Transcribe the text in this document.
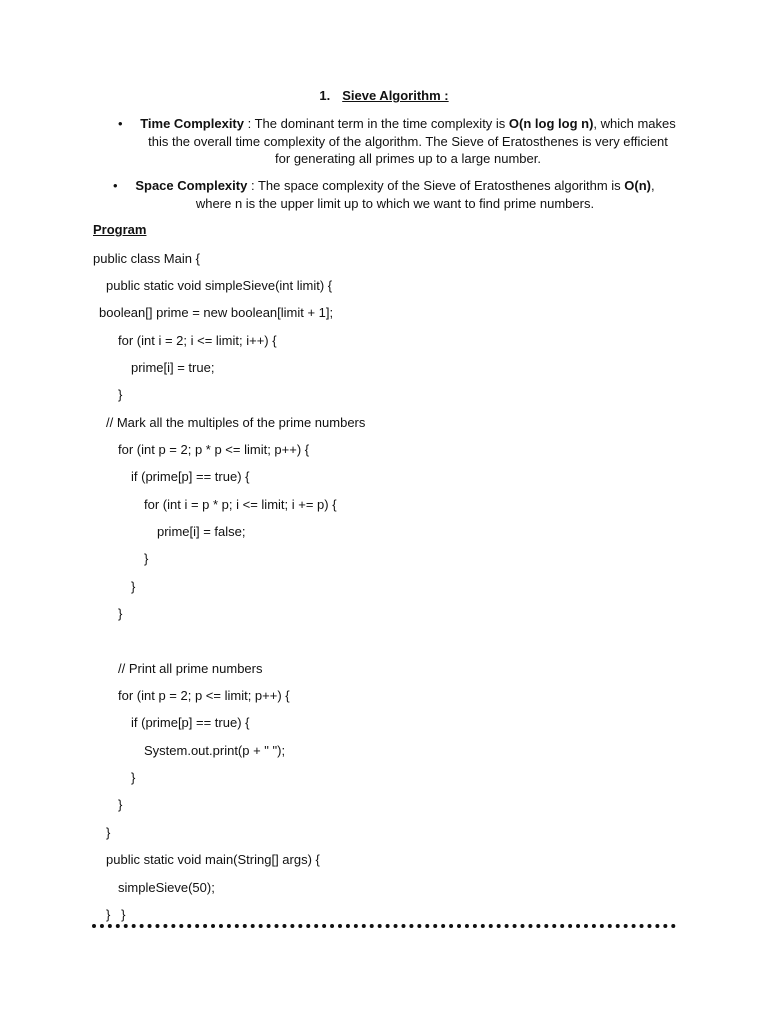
1. Sieve Algorithm :
• Time Complexity : The dominant term in the time complexity is O(n log log n), which makes this the overall time complexity of the algorithm. The Sieve of Eratosthenes is very efficient for generating all primes up to a large number.
• Space Complexity : The space complexity of the Sieve of Eratosthenes algorithm is O(n), where n is the upper limit up to which we want to find prime numbers.
Program
public class Main {
public static void simpleSieve(int limit) {
boolean[] prime = new boolean[limit + 1];
for (int i = 2; i <= limit; i++) {
prime[i] = true;
}
// Mark all the multiples of the prime numbers
for (int p = 2; p * p <= limit; p++) {
if (prime[p] == true) {
for (int i = p * p; i <= limit; i += p) {
prime[i] = false;
}
}
}
// Print all prime numbers
for (int p = 2; p <= limit; p++) {
if (prime[p] == true) {
System.out.print(p + " ");
}
}
}
public static void main(String[] args) {
simpleSieve(50);
}   }
